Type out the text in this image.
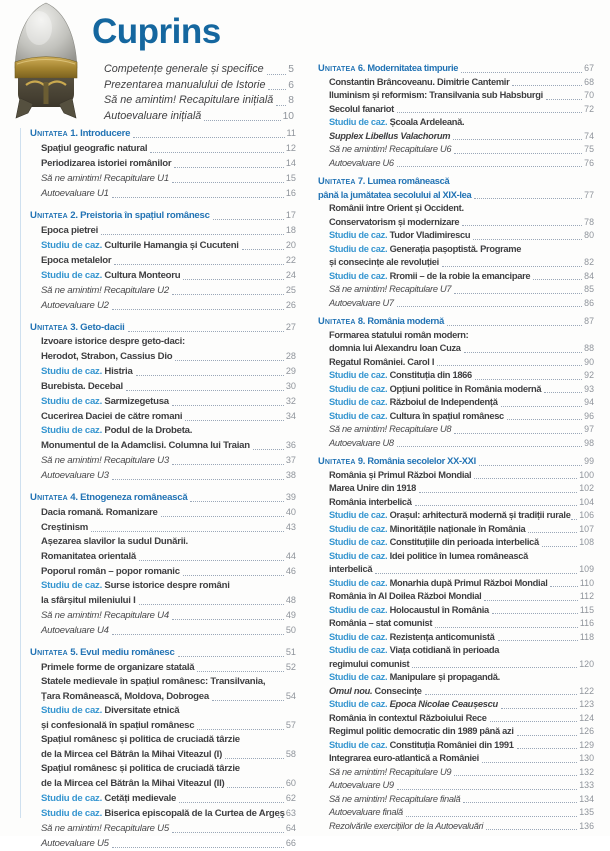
Cuprins
Competențe generale și specifice 5
Prezentarea manualului de Istorie 6
Să ne amintim! Recapitulare inițială 8
Autoevaluare inițială	10
Unitatea 1. Introducere	11
Spațiul geografic natural	12
Periodizarea istoriei românilor	14
Să ne amintim! Recapitulare U1	15
Autoevaluare U1	16
Unitatea 2. Preistoria în spațiul românesc	17
Epoca pietrei	18
Studiu de caz. Culturile Hamangia și Cucuteni	20
Epoca metalelor	22
Studiu de caz. Cultura Monteoru	24
Să ne amintim! Recapitulare U2	25
Autoevaluare U2	26
Unitatea 3. Geto-dacii	27
Izvoare istorice despre geto-daci:
Herodot, Strabon, Cassius Dio	28
Studiu de caz. Histria	29
Burebista. Decebal	30
Studiu de caz. Sarmizegetusa	32
Cucerirea Daciei de către romani	34
Studiu de caz. Podul de la Drobeta.
Monumentul de la Adamclisi. Columna lui Traian	36
Să ne amintim! Recapitulare U3	37
Autoevaluare U3	38
Unitatea 4. Etnogeneza românească	39
Dacia romană. Romanizare	40
Creștinism	43
Așezarea slavilor la sudul Dunării.
Romanitatea orientală	44
Poporul român – popor romanic	46
Studiu de caz. Surse istorice despre români
la sfârșitul mileniului I	48
Să ne amintim! Recapitulare U4	49
Autoevaluare U4	50
Unitatea 5. Evul mediu românesc	51
Primele forme de organizare statală	52
Statele medievale în spațiul românesc: Transilvania,
Țara Românească, Moldova, Dobrogea	54
Studiu de caz. Diversitate etnică
și confesională în spațiul românesc	57
Spațiul românesc și politica de cruciadă târzie
de la Mircea cel Bătrân la Mihai Viteazul (I)	58
Spațiul românesc și politica de cruciadă târzie
de la Mircea cel Bătrân la Mihai Viteazul (II)	60
Studiu de caz. Cetăți medievale	62
Studiu de caz. Biserica episcopală de la Curtea de Argeș 63
Să ne amintim! Recapitulare U5	64
Autoevaluare U5	66
Unitatea 6. Modernitatea timpurie	67
Constantin Brâncoveanu. Dimitrie Cantemir	68
Iluminism și reformism: Transilvania sub Habsburgi	70
Secolul fanariot	72
Studiu de caz. Școala Ardeleană.
Supplex Libellus Valachorum	74
Să ne amintim! Recapitulare U6	75
Autoevaluare U6	76
Unitatea 7. Lumea românească
până la jumătatea secolului al XIX-lea	77
Românii între Orient și Occident.
Conservatorism și modernizare	78
Studiu de caz. Tudor Vladimirescu	80
Studiu de caz. Generația pașoptistă. Programe
și consecințe ale revoluției	82
Studiu de caz. Rromii – de la robie la emancipare	84
Să ne amintim! Recapitulare U7	85
Autoevaluare U7	86
Unitatea 8. România modernă	87
Formarea statului român modern:
domnia lui Alexandru Ioan Cuza	88
Regatul României. Carol I	90
Studiu de caz. Constituția din 1866	92
Studiu de caz. Opțiuni politice în România modernă	93
Studiu de caz. Războiul de Independență	94
Studiu de caz. Cultura în spațiul românesc	96
Să ne amintim! Recapitulare U8	97
Autoevaluare U8	98
Unitatea 9. România secolelor XX-XXI	99
România și Primul Război Mondial	100
Marea Unire din 1918	102
România interbelică	104
Studiu de caz. Orașul: arhitectură modernă și tradiții rurale 106
Studiu de caz. Minoritățile naționale în România	107
Studiu de caz. Constituțiile din perioada interbelică	108
Studiu de caz. Idei politice în lumea românească
interbelică	109
Studiu de caz. Monarhia după Primul Război Mondial	110
România în Al Doilea Război Mondial	112
Studiu de caz. Holocaustul în România	115
România – stat comunist	116
Studiu de caz. Rezistența anticomunistă	118
Studiu de caz. Viața cotidiană în perioada
regimului comunist	120
Studiu de caz. Manipulare și propagandă.
Omul nou. Consecințe	122
Studiu de caz. Epoca Nicolae Ceaușescu	123
România în contextul Războiului Rece	124
Regimul politic democratic din 1989 până azi	126
Studiu de caz. Constituția României din 1991	129
Integrarea euro-atlantică a României	130
Să ne amintim! Recapitulare U9	132
Autoevaluare U9	133
Să ne amintim! Recapitulare finală	134
Autoevaluare finală	135
Rezolvările exercițiilor de la Autoevaluări	136
